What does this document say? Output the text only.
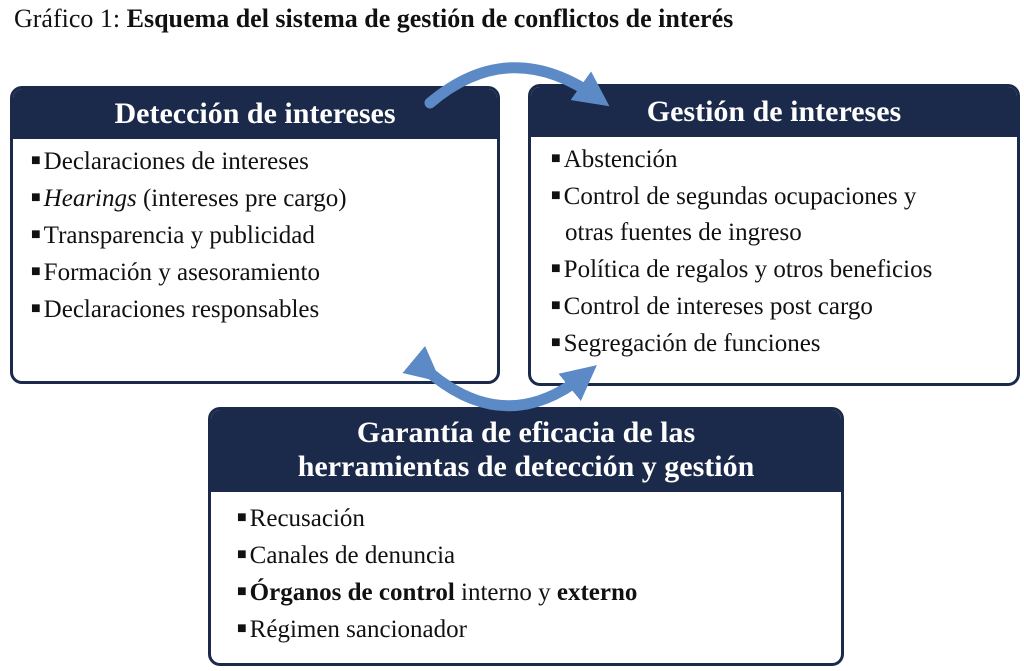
Gráfico 1: Esquema del sistema de gestión de conflictos de interés
Detección de intereses
■ Declaraciones de intereses
■ Hearings (intereses pre cargo)
■ Transparencia y publicidad
■ Formación y asesoramiento
■ Declaraciones responsables
Gestión de intereses
■ Abstención
■ Control de segundas ocupaciones y
otras fuentes de ingreso
■ Política de regalos y otros beneficios
■ Control de intereses post cargo
■ Segregación de funciones
Garantía de eficacia de las
herramientas de detección y gestión
■ Recusación
■ Canales de denuncia
■ Órganos de control interno y externo
■ Régimen sancionador
